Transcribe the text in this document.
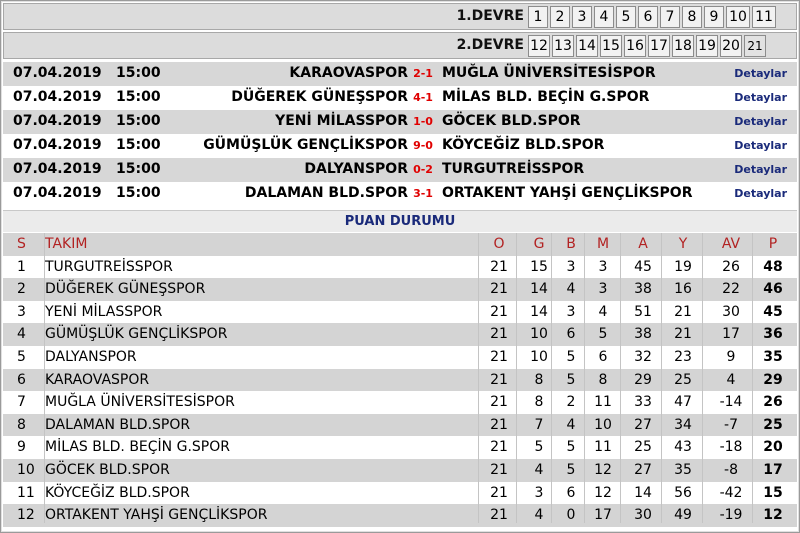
1.DEVRE 1 2 3 4 5 6 7 8 9 10 11
2.DEVRE 12 13 14 15 16 17 18 19 20 21
07.04.2019 15:00	KARAOVASPOR 2-1 MUĞLA ÜNİVERSİTESİSPOR	Detaylar
07.04.2019 15:00	DÜĞEREK GÜNEŞSPOR 4-1 MİLAS BLD. BEÇİN G.SPOR	Detaylar
07.04.2019 15:00	YENİ MİLASSPOR 1-0 GÖCEK BLD.SPOR	Detaylar
07.04.2019 15:00	GÜMÜŞLÜK GENÇLİKSPOR 9-0 KÖYCEĞİZ BLD.SPOR	Detaylar
07.04.2019 15:00	DALYANSPOR 0-2 TURGUTREİSSPOR	Detaylar
07.04.2019 15:00	DALAMAN BLD.SPOR 3-1 ORTAKENT YAHŞİ GENÇLİKSPOR	Detaylar
PUAN DURUMU
S TAKIM	O	G	B	M	A	Y	AV	P
1 TURGUTREİSSPOR	21	15	3	3	45	19	26	48
2 DÜĞEREK GÜNEŞSPOR	21	14	4	3	38	16	22	46
3 YENİ MİLASSPOR	21	14	3	4	51	21	30	45
4 GÜMÜŞLÜK GENÇLİKSPOR	21	10	6	5	38	21	17	36
5 DALYANSPOR	21	10	5	6	32	23	9	35
6 KARAOVASPOR	21	8	5	8	29	25	4	29
7 MUĞLA ÜNİVERSİTESİSPOR	21	8	2	11	33	47	-14	26
8 DALAMAN BLD.SPOR	21	7	4	10	27	34	-7	25
9 MİLAS BLD. BEÇİN G.SPOR	21	5	5	11	25	43	-18	20
10 GÖCEK BLD.SPOR	21	4	5	12	27	35	-8	17
11 KÖYCEĞİZ BLD.SPOR	21	3	6	12	14	56	-42	15
12 ORTAKENT YAHŞİ GENÇLİKSPOR	21	4	0	17	30	49	-19	12
